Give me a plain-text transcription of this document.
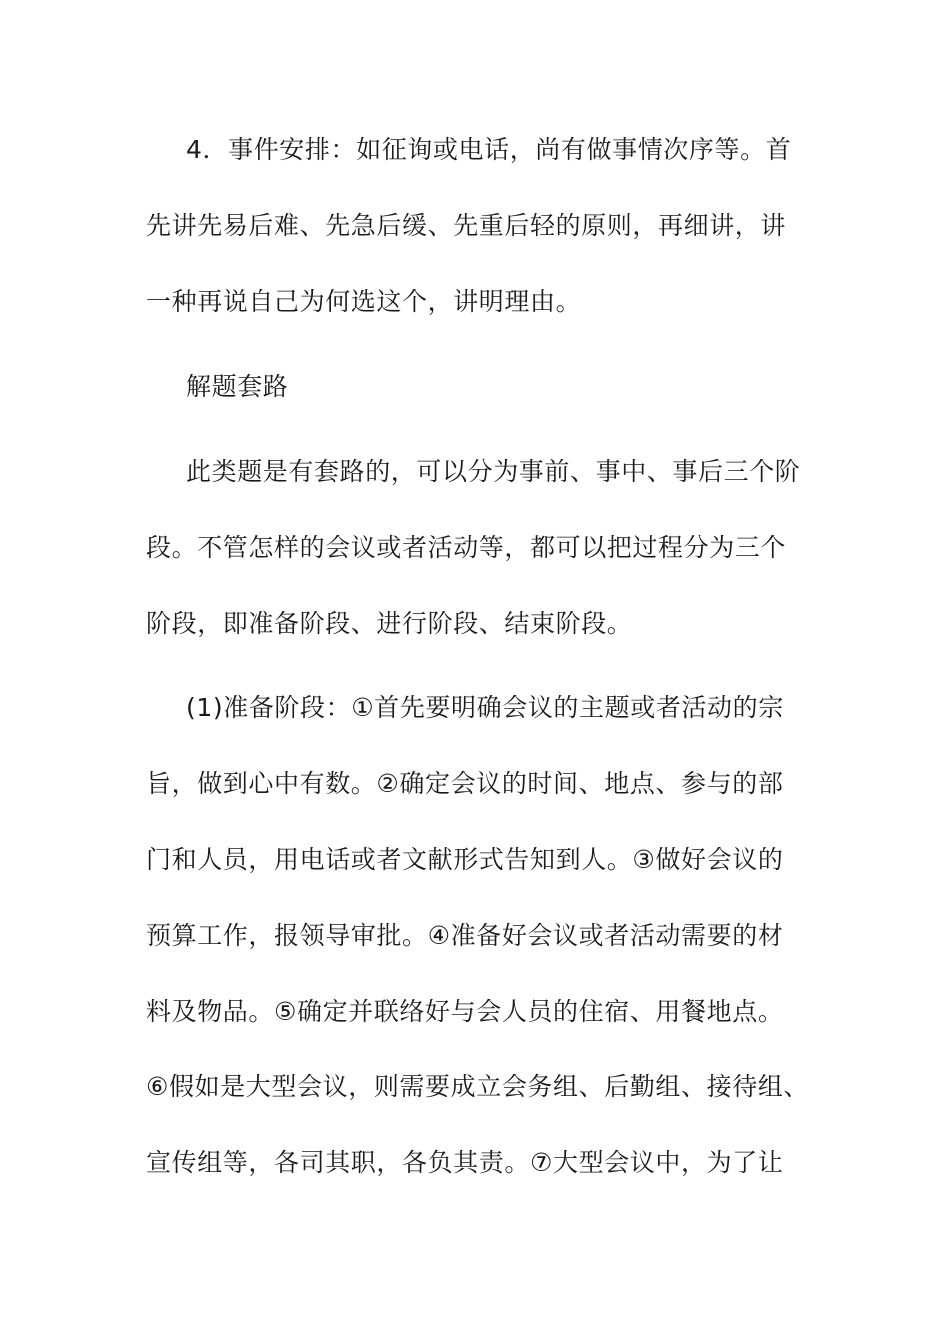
4．事件安排：如征询或电话，尚有做事情次序等。首
先讲先易后难、先急后缓、先重后轻的原则，再细讲，讲
一种再说自己为何选这个，讲明理由。
解题套路
此类题是有套路的，可以分为事前、事中、事后三个阶
段。不管怎样的会议或者活动等，都可以把过程分为三个
阶段，即准备阶段、进行阶段、结束阶段。
(1)准备阶段：①首先要明确会议的主题或者活动的宗
旨，做到心中有数。②确定会议的时间、地点、参与的部
门和人员，用电话或者文献形式告知到人。③做好会议的
预算工作，报领导审批。④准备好会议或者活动需要的材
料及物品。⑤确定并联络好与会人员的住宿、用餐地点。
⑥假如是大型会议，则需要成立会务组、后勤组、接待组、
宣传组等，各司其职，各负其责。⑦大型会议中，为了让
